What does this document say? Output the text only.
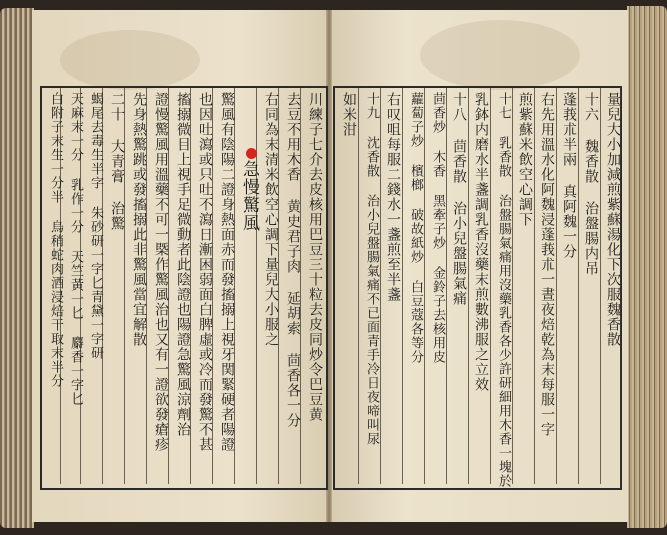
川練子七介去皮核用巴豆三十粒去皮同炒令巴豆黄
去豆不用木香 黄史君子肉 延胡索 茴香各一分
右同為末清米飲空心調下量兒大小服之
急慢驚風
驚風有陰陽二證身熱面赤而發搐搦上視牙関緊硬者陽證
也因吐瀉或只吐不瀉日漸困弱面白脾虛或冷而發驚不甚
搐搦微目上視手足微動者此陰證也陽證急驚風涼劑治
證慢驚風用溫藥不可一槩作驚風治也又有一證欲發瘡疹
先身熱驚跳或發搐搦此非驚風當宜解散
二十 大青膏 治驚
蝎尾去毒生半字 朱砂研一字匕青黛一字研
天麻末一分 乳作一分 天竺黃一匕 麝香一字匕
白附子末生一分半 烏稍蛇肉酒浸焙干取末半分	量兒大小加減煎紫蘇湯化下次服魏香散
十六 魏香散 治盤腸内吊
蓬莪朮半兩 真阿魏一分
右先用溫水化阿魏浸蓬莪朮一晝夜焙乾為末每服一字
煎紫蘇米飲空心調下
十七 乳香散 治盤腸氣痛用沒藥乳香各少許研細用木香一塊於
乳鉢内磨水半盞調乳香沒藥末煎數沸服之立效
十八 茴香散 治小兒盤腸氣痛
茴香炒 木香 黑牽子炒 金鈴子去核用皮
蘿蔔子炒 檳榔 破故紙炒 白豆蔻各等分
右叹咀每服二錢水一盞煎至半盞
十九 沈香散 治小兒盤腸氣痛不已面青手冷日夜啼叫尿
如米泔
